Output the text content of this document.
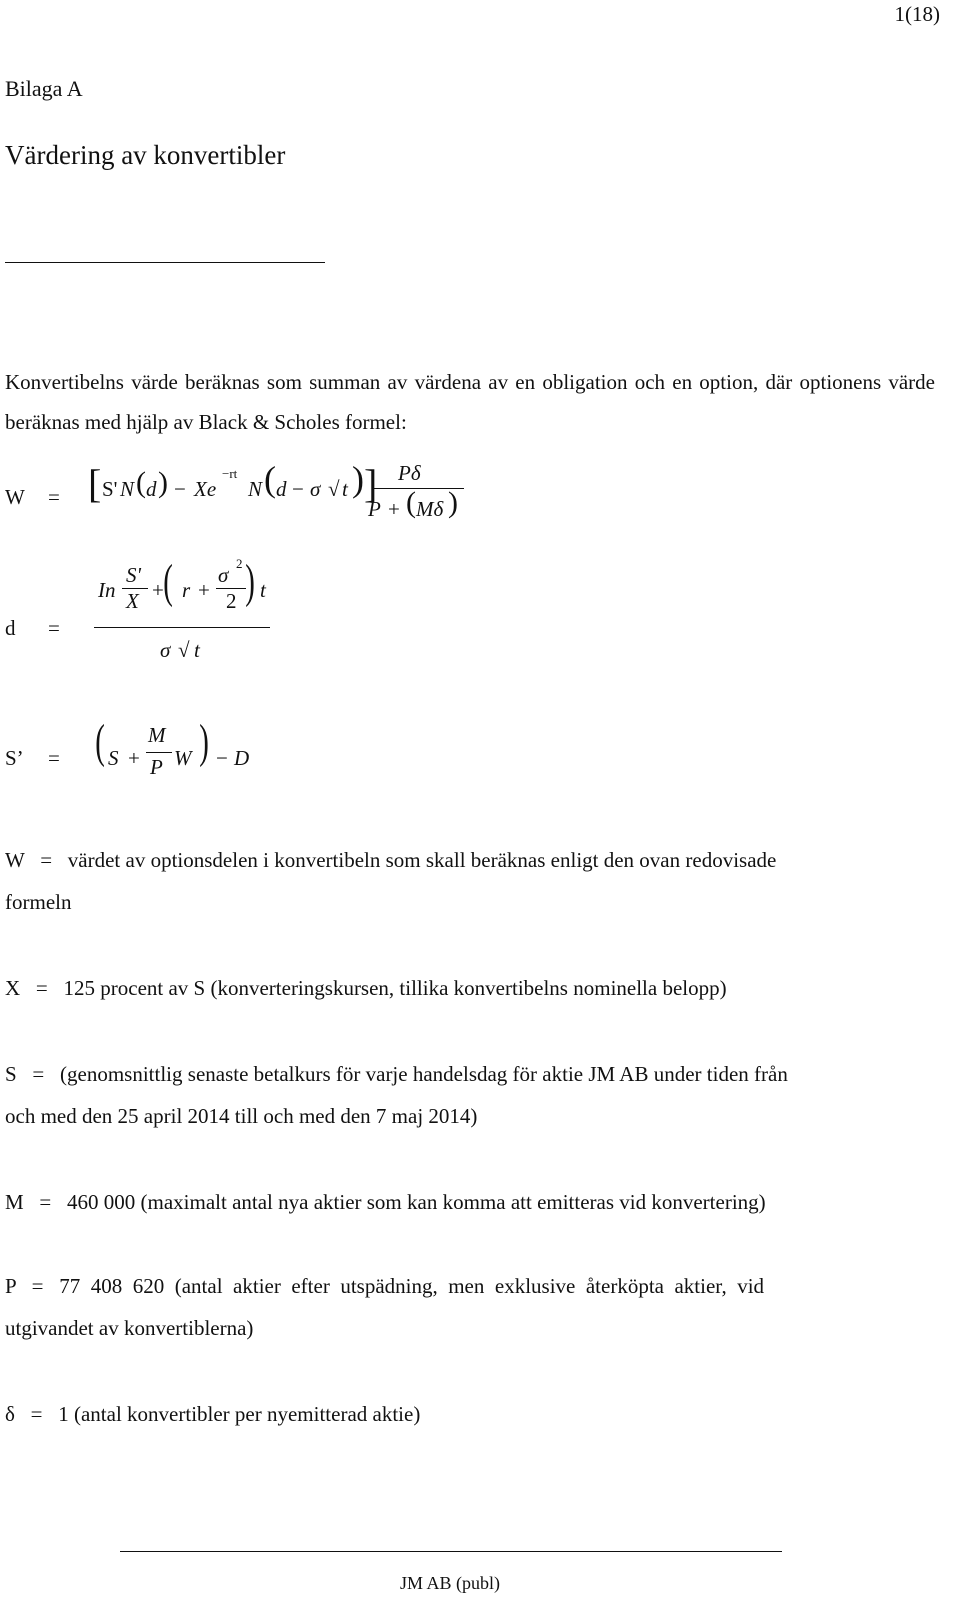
1(18)
Bilaga A
Värdering av konvertibler
Konvertibelns värde beräknas som summan av värdena av en obligation och en option, där optionens värde beräknas med hjälp av Black & Scholes formel:
W = [ S' N ( d ) − Xe
−rt
N ( d − σ √ t ) ] Pδ
P + ( Mδ )
d =
In
S'
X + ( r +
σ 2
2 ) t
σ √ t
S’ = ( S +
M
P W ) − D
W   =   värdet av optionsdelen i konvertibeln som skall beräknas enligt den ovan redovisade
formeln
X   =   125 procent av S (konverteringskursen, tillika konvertibelns nominella belopp)
S   =   (genomsnittlig senaste betalkurs för varje handelsdag för aktie JM AB under tiden från
och med den 25 april 2014 till och med den 7 maj 2014)
M   =   460 000 (maximalt antal nya aktier som kan komma att emitteras vid konvertering)
P   =   77  408  620  (antal  aktier  efter  utspädning,  men  exklusive  återköpta  aktier,  vid
utgivandet av konvertiblerna)
δ   =   1 (antal konvertibler per nyemitterad aktie)
JM AB (publ)
